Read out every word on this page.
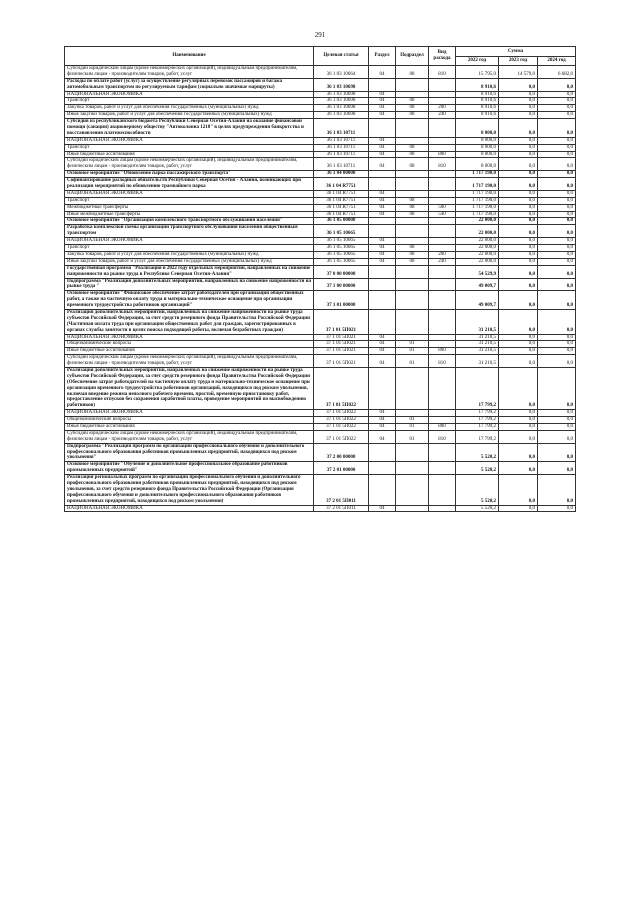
291
Наименование	Целевая статья	Раздел	Подраздел	Вид расхода	Сумма		
					2022 год	2023 год	2024 год
Субсидии юридическим лицам (кроме некоммерческих организаций), индивидуальным предпринимателям, физическим лицам - производителям товаров, работ, услуг	36 1 03 10664	04	08	810	15 795,0	14 579,0	6 682,0
Расходы по оплате работ (услуг) за осуществление регулярных перевозок пассажиров и багажа автомобильным транспортом по регулируемым тарифам (социально значимые маршруты)	36 1 03 10698				8 910,6	0,0	0,0
НАЦИОНАЛЬНАЯ ЭКОНОМИКА	36 1 03 10698	04			8 910,6	0,0	0,0
Транспорт	36 1 03 10698	04	08		8 910,6	0,0	0,0
Закупка товаров, работ и услуг для обеспечения государственных (муниципальных) нужд	36 1 03 10698	04	08	200	8 910,6	0,0	0,0
Иные закупки товаров, работ и услуг для обеспечения государственных (муниципальных) нужд	36 1 03 10698	04	08	240	8 910,6	0,0	0,0
Субсидия из республиканского бюджета Республики Северная Осетия-Алания на оказание финансовой помощи (санации) акционерному обществу "Автоколонна 1210" в целях предупреждения банкротства и восстановления платежеспособности	36 1 03 10711				8 000,0	0,0	0,0
НАЦИОНАЛЬНАЯ ЭКОНОМИКА	36 1 03 10711	04			8 000,0	0,0	0,0
Транспорт	36 1 03 10711	04	08		8 000,0	0,0	0,0
Иные бюджетные ассигнования	36 1 03 10711	04	08	800	8 000,0	0,0	0,0
Субсидии юридическим лицам (кроме некоммерческих организаций), индивидуальным предпринимателям, физическим лицам - производителям товаров, работ, услуг	36 1 03 10711	04	08	810	8 000,0	0,0	0,0
Основное мероприятие "Обновление парка пассажирского транспорта"	36 1 04 00000				1 717 190,0	0,0	0,0
Софинансирование расходных обязательств Республики Северная Осетия - Алания, возникающих при реализации мероприятий по обновлению трамвайного парка	36 1 04 R7751				1 717 190,0	0,0	0,0
НАЦИОНАЛЬНАЯ ЭКОНОМИКА	36 1 04 R7751	04			1 717 190,0	0,0	0,0
Транспорт	36 1 04 R7751	04	08		1 717 190,0	0,0	0,0
Межбюджетные трансферты	36 1 04 R7751	04	08	500	1 717 190,0	0,0	0,0
Иные межбюджетные трансферты	36 1 04 R7751	04	08	540	1 717 190,0	0,0	0,0
Основное мероприятие "Организация комплексного транспортного обслуживания населения"	36 1 05 00000				22 000,0	0,0	0,0
Разработка комплексной схемы организации транспортного обслуживания населения общественным транспортом	36 1 05 10665				22 000,0	0,0	0,0
НАЦИОНАЛЬНАЯ ЭКОНОМИКА	36 1 05 10665	04			22 000,0	0,0	0,0
Транспорт	36 1 05 10665	04	08		22 000,0	0,0	0,0
Закупка товаров, работ и услуг для обеспечения государственных (муниципальных) нужд	36 1 05 10665	04	08	200	22 000,0	0,0	0,0
Иные закупки товаров, работ и услуг для обеспечения государственных (муниципальных) нужд	36 1 05 10665	04	08	240	22 000,0	0,0	0,0
Государственная программа "Реализация в 2022 году отдельных мероприятий, направленных на снижение напряженности на рынке труда в Республике Северная Осетия-Алания"	37 0 00 00000				54 529,9	0,0	0,0
Подпрограмма "Реализация дополнительных мероприятий, направленных на снижение напряженности на рынке труда "	37 1 00 00000				49 009,7	0,0	0,0
Основное мероприятие "Финансовое обеспечение затрат работодателей при организации общественных работ, а также на частичную оплату труда и материально-техническое оснащение при организации временного трудоустройства работников организаций"	37 1 01 00000				49 009,7	0,0	0,0
Реализация дополнительных мероприятий, направленных на снижение напряженности на рынке труда субъектов Российской Федерации, за счет средств резервного фонда Правительства Российской Федерации (Частичная оплата труда при организации общественных работ для граждан, зарегистрированных в органах службы занятости в целях поиска подходящей работы, включая безработных граждан)	37 1 01 5П021				31 210,5	0,0	0,0
НАЦИОНАЛЬНАЯ ЭКОНОМИКА	37 1 01 5П021	04			31 210,5	0,0	0,0
Общеэкономические вопросы	37 1 01 5П021	04	01		31 210,5	0,0	0,0
Иные бюджетные ассигнования	37 1 01 5П021	04	01	800	31 210,5	0,0	0,0
Субсидии юридическим лицам (кроме некоммерческих организаций), индивидуальным предпринимателям, физическим лицам - производителям товаров, работ, услуг	37 1 01 5П021	04	01	810	31 210,5	0,0	0,0
Реализация дополнительных мероприятий, направленных на снижение напряженности на рынке труда субъектов Российской Федерации, за счет средств резервного фонда Правительства Российской Федерации (Обеспечение затрат работодателей на частичную оплату труда и материально-техническое оснащение при организации временного трудоустройства работников организаций, находящихся под риском увольнения, включая введение режима неполного рабочего времени, простой, временную приостановку работ, предоставление отпусков без сохранения заработной платы, проведение мероприятий по высвобождению работников)	37 1 01 5П022				17 799,2	0,0	0,0
НАЦИОНАЛЬНАЯ ЭКОНОМИКА	37 1 01 5П022	04			17 799,2	0,0	0,0
Общеэкономические вопросы	37 1 01 5П022	04	01		17 799,2	0,0	0,0
Иные бюджетные ассигнования	37 1 01 5П022	04	01	800	17 799,2	0,0	0,0
Субсидии юридическим лицам (кроме некоммерческих организаций), индивидуальным предпринимателям, физическим лицам - производителям товаров, работ, услуг	37 1 01 5П022	04	01	810	17 799,2	0,0	0,0
Подпрограмма "Реализация программ по организации профессионального обучения и дополнительного профессионального образования работников промышленных предприятий, находящихся под риском увольнения"	37 2 00 00000				5 520,2	0,0	0,0
Основное мероприятие "Обучение и дополнительное профессиональное образование работников промышленных предприятий"	37 2 01 00000				5 520,2	0,0	0,0
Реализация региональных программ по организации профессионального обучения и дополнительного профессионального образования работников промышленных предприятий, находящихся под риском увольнения, за счет средств резервного фонда Правительства Российской Федерации (Организация профессионального обучения и дополнительного профессионального образования работников промышленных предприятий, находящихся под риском увольнения)	37 2 01 5П011				5 520,2	0,0	0,0
НАЦИОНАЛЬНАЯ ЭКОНОМИКА	37 2 01 5П011	04			5 520,2	0,0	0,0
